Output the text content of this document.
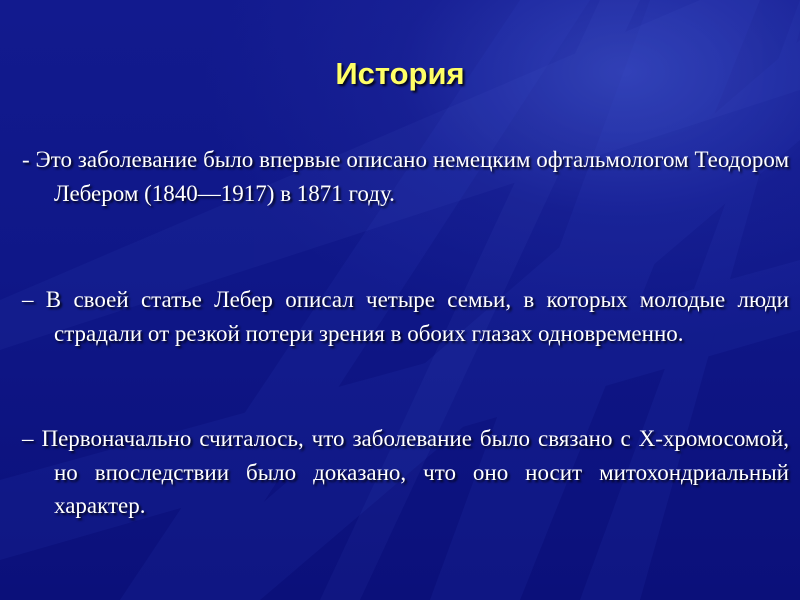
История

- Это заболевание было впервые описано немецким офтальмологом Теодором Лебером (1840—1917) в 1871 году.

– В своей статье Лебер описал четыре семьи, в которых молодые люди страдали от резкой потери зрения в обоих глазах одновременно.

– Первоначально считалось, что заболевание было связано с X-хромосомой, но впоследствии было доказано, что оно носит митохондриальный характер.
